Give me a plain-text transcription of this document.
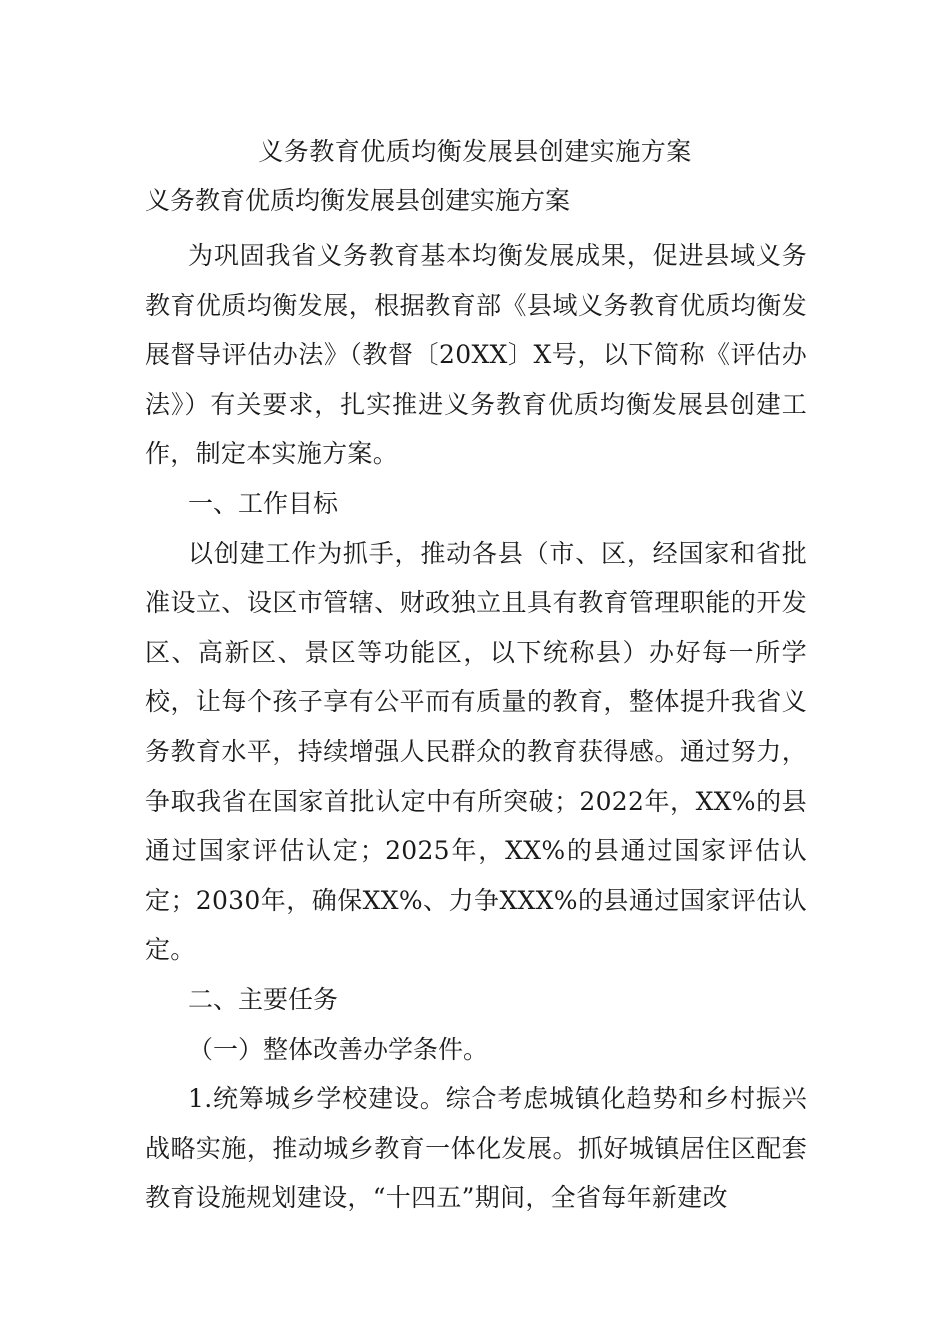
义务教育优质均衡发展县创建实施方案
义务教育优质均衡发展县创建实施方案

为巩固我省义务教育基本均衡发展成果，促进县域义务教育优质均衡发展，根据教育部《县域义务教育优质均衡发展督导评估办法》（教督〔20XX〕X号，以下简称《评估办法》）有关要求，扎实推进义务教育优质均衡发展县创建工作，制定本实施方案。

一、工作目标

以创建工作为抓手，推动各县（市、区，经国家和省批准设立、设区市管辖、财政独立且具有教育管理职能的开发区、高新区、景区等功能区，以下统称县）办好每一所学校，让每个孩子享有公平而有质量的教育，整体提升我省义务教育水平，持续增强人民群众的教育获得感。通过努力，争取我省在国家首批认定中有所突破；2022年，XX%的县通过国家评估认定；2025年，XX%的县通过国家评估认定；2030年，确保XX%、力争XXX%的县通过国家评估认定。

二、主要任务

（一）整体改善办学条件。

1.统筹城乡学校建设。综合考虑城镇化趋势和乡村振兴战略实施，推动城乡教育一体化发展。抓好城镇居住区配套教育设施规划建设，“十四五”期间，全省每年新建改
